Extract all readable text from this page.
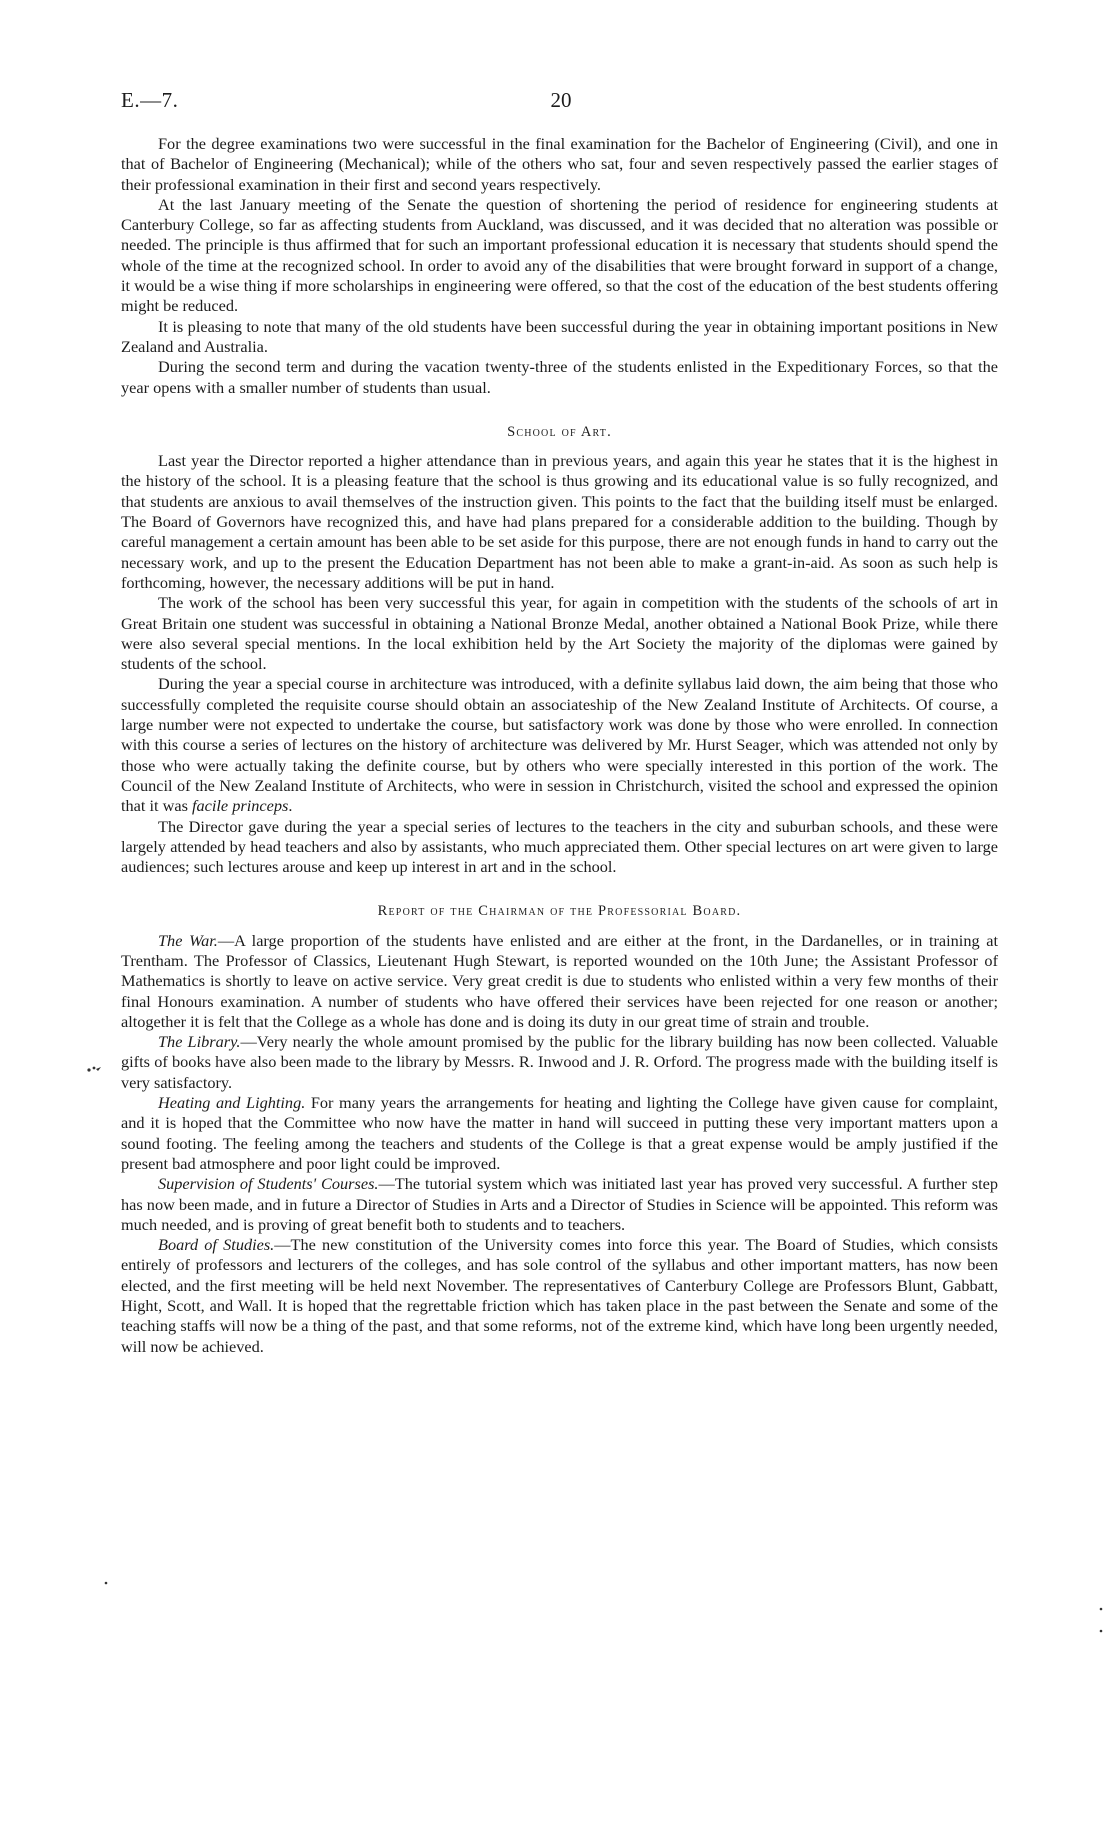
E.—7.	20

For the degree examinations two were successful in the final examination for the Bachelor of Engineering (Civil), and one in that of Bachelor of Engineering (Mechanical); while of the others who sat, four and seven respectively passed the earlier stages of their professional examination in their first and second years respectively.

At the last January meeting of the Senate the question of shortening the period of residence for engineering students at Canterbury College, so far as affecting students from Auckland, was discussed, and it was decided that no alteration was possible or needed. The principle is thus affirmed that for such an important professional education it is necessary that students should spend the whole of the time at the recognized school. In order to avoid any of the disabilities that were brought forward in support of a change, it would be a wise thing if more scholarships in engineering were offered, so that the cost of the education of the best students offering might be reduced.

It is pleasing to note that many of the old students have been successful during the year in obtaining important positions in New Zealand and Australia.

During the second term and during the vacation twenty-three of the students enlisted in the Expeditionary Forces, so that the year opens with a smaller number of students than usual.

School of Art.

Last year the Director reported a higher attendance than in previous years, and again this year he states that it is the highest in the history of the school. It is a pleasing feature that the school is thus growing and its educational value is so fully recognized, and that students are anxious to avail themselves of the instruction given. This points to the fact that the building itself must be enlarged. The Board of Governors have recognized this, and have had plans prepared for a considerable addition to the building. Though by careful management a certain amount has been able to be set aside for this purpose, there are not enough funds in hand to carry out the necessary work, and up to the present the Education Department has not been able to make a grant-in-aid. As soon as such help is forthcoming, however, the necessary additions will be put in hand.

The work of the school has been very successful this year, for again in competition with the students of the schools of art in Great Britain one student was successful in obtaining a National Bronze Medal, another obtained a National Book Prize, while there were also several special mentions. In the local exhibition held by the Art Society the majority of the diplomas were gained by students of the school.

During the year a special course in architecture was introduced, with a definite syllabus laid down, the aim being that those who successfully completed the requisite course should obtain an associateship of the New Zealand Institute of Architects. Of course, a large number were not expected to undertake the course, but satisfactory work was done by those who were enrolled. In connection with this course a series of lectures on the history of architecture was delivered by Mr. Hurst Seager, which was attended not only by those who were actually taking the definite course, but by others who were specially interested in this portion of the work. The Council of the New Zealand Institute of Architects, who were in session in Christchurch, visited the school and expressed the opinion that it was facile princeps.

The Director gave during the year a special series of lectures to the teachers in the city and suburban schools, and these were largely attended by head teachers and also by assistants, who much appreciated them. Other special lectures on art were given to large audiences; such lectures arouse and keep up interest in art and in the school.

Report of the Chairman of the Professorial Board.

The War.—A large proportion of the students have enlisted and are either at the front, in the Dardanelles, or in training at Trentham. The Professor of Classics, Lieutenant Hugh Stewart, is reported wounded on the 10th June; the Assistant Professor of Mathematics is shortly to leave on active service. Very great credit is due to students who enlisted within a very few months of their final Honours examination. A number of students who have offered their services have been rejected for one reason or another; altogether it is felt that the College as a whole has done and is doing its duty in our great time of strain and trouble.

The Library.—Very nearly the whole amount promised by the public for the library building has now been collected. Valuable gifts of books have also been made to the library by Messrs. R. Inwood and J. R. Orford. The progress made with the building itself is very satisfactory.

Heating and Lighting. For many years the arrangements for heating and lighting the College have given cause for complaint, and it is hoped that the Committee who now have the matter in hand will succeed in putting these very important matters upon a sound footing. The feeling among the teachers and students of the College is that a great expense would be amply justified if the present bad atmosphere and poor light could be improved.

Supervision of Students' Courses.—The tutorial system which was initiated last year has proved very successful. A further step has now been made, and in future a Director of Studies in Arts and a Director of Studies in Science will be appointed. This reform was much needed, and is proving of great benefit both to students and to teachers.

Board of Studies.—The new constitution of the University comes into force this year. The Board of Studies, which consists entirely of professors and lecturers of the colleges, and has sole control of the syllabus and other important matters, has now been elected, and the first meeting will be held next November. The representatives of Canterbury College are Professors Blunt, Gabbatt, Hight, Scott, and Wall. It is hoped that the regrettable friction which has taken place in the past between the Senate and some of the teaching staffs will now be a thing of the past, and that some reforms, not of the extreme kind, which have long been urgently needed, will now be achieved.
